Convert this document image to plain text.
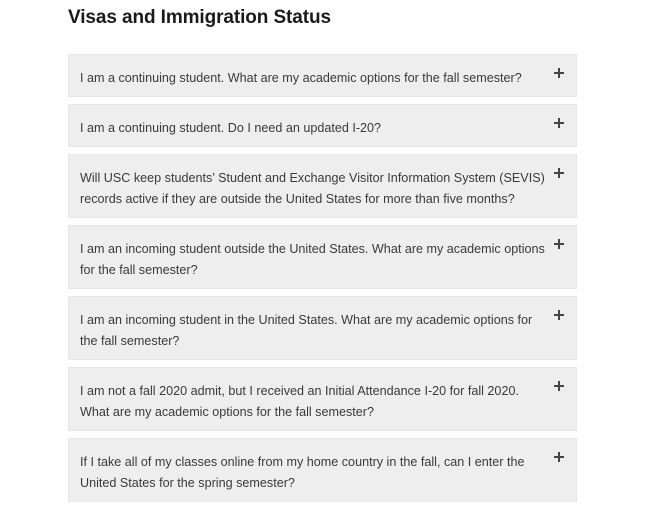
Visas and Immigration Status
I am a continuing student. What are my academic options for the fall semester?
I am a continuing student. Do I need an updated I-20?
Will USC keep students’ Student and Exchange Visitor Information System (SEVIS) records active if they are outside the United States for more than five months?
I am an incoming student outside the United States. What are my academic options for the fall semester?
I am an incoming student in the United States. What are my academic options for the fall semester?
I am not a fall 2020 admit, but I received an Initial Attendance I-20 for fall 2020. What are my academic options for the fall semester?
If I take all of my classes online from my home country in the fall, can I enter the United States for the spring semester?
